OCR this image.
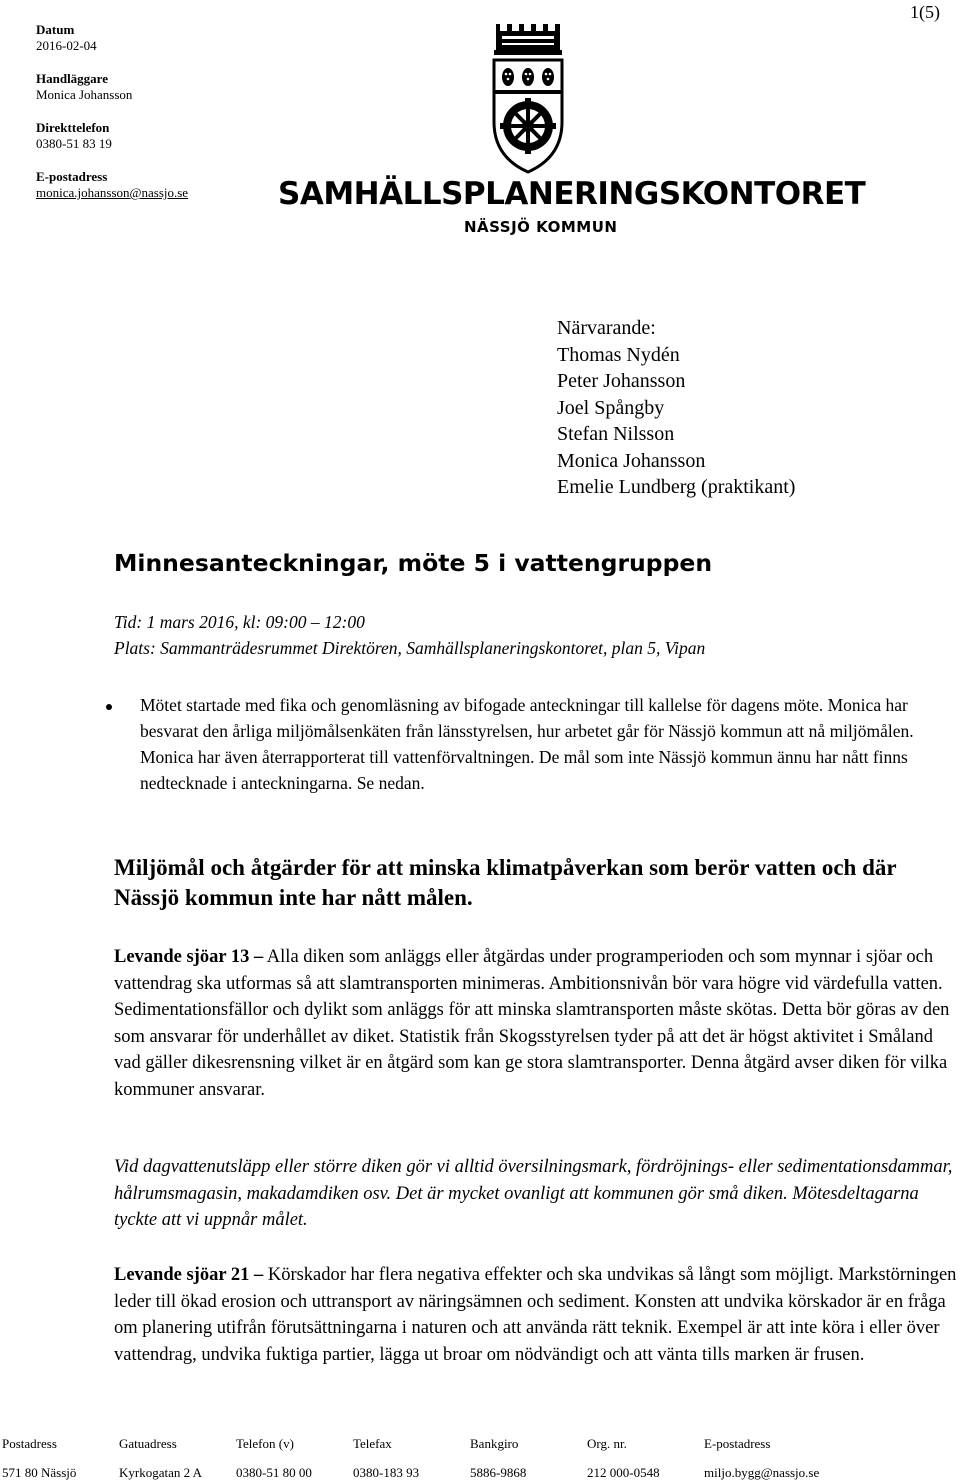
1(5)
Datum
2016-02-04
Handläggare
Monica Johansson
Direkttelefon
0380-51 83 19
E-postadress
monica.johansson@nassjo.se	SAMHÄLLSPLANERINGSKONTORET
NÄSSJÖ KOMMUN
Närvarande:
Thomas Nydén
Peter Johansson
Joel Spångby
Stefan Nilsson
Monica Johansson
Emelie Lundberg (praktikant)
Minnesanteckningar, möte 5 i vattengruppen
Tid: 1 mars 2016, kl: 09:00 – 12:00
Plats: Sammanträdesrummet Direktören, Samhällsplaneringskontoret, plan 5, Vipan
Mötet startade med fika och genomläsning av bifogade anteckningar till kallelse för dagens möte. Monica har besvarat den årliga miljömålsenkäten från länsstyrelsen, hur arbetet går för Nässjö kommun att nå miljömålen. Monica har även återrapporterat till vattenförvaltningen. De mål som inte Nässjö kommun ännu har nått finns nedtecknade i anteckningarna. Se nedan.
Miljömål och åtgärder för att minska klimatpåverkan som berör vatten och där Nässjö kommun inte har nått målen.
Levande sjöar 13 – Alla diken som anläggs eller åtgärdas under programperioden och som mynnar i sjöar och vattendrag ska utformas så att slamtransporten minimeras. Ambitionsnivån bör vara högre vid värdefulla vatten. Sedimentationsfällor och dylikt som anläggs för att minska slamtransporten måste skötas. Detta bör göras av den som ansvarar för underhållet av diket. Statistik från Skogsstyrelsen tyder på att det är högst aktivitet i Småland vad gäller dikesrensning vilket är en åtgärd som kan ge stora slamtransporter. Denna åtgärd avser diken för vilka kommuner ansvarar.
Vid dagvattenutsläpp eller större diken gör vi alltid översilningsmark, fördröjnings- eller sedimentationsdammar, hålrumsmagasin, makadamdiken osv. Det är mycket ovanligt att kommunen gör små diken. Mötesdeltagarna tyckte att vi uppnår målet.
Levande sjöar 21 – Körskador har flera negativa effekter och ska undvikas så långt som möjligt. Markstörningen leder till ökad erosion och uttransport av näringsämnen och sediment. Konsten att undvika körskador är en fråga om planering utifrån förutsättningarna i naturen och att använda rätt teknik. Exempel är att inte köra i eller över vattendrag, undvika fuktiga partier, lägga ut broar om nödvändigt och att vänta tills marken är frusen.
Postadress	Gatuadress	Telefon (v)	Telefax	Bankgiro	Org. nr.	E-postadress
571 80 Nässjö	Kyrkogatan 2 A	0380-51 80 00	0380-183 93	5886-9868	212 000-0548	miljo.bygg@nassjo.se
